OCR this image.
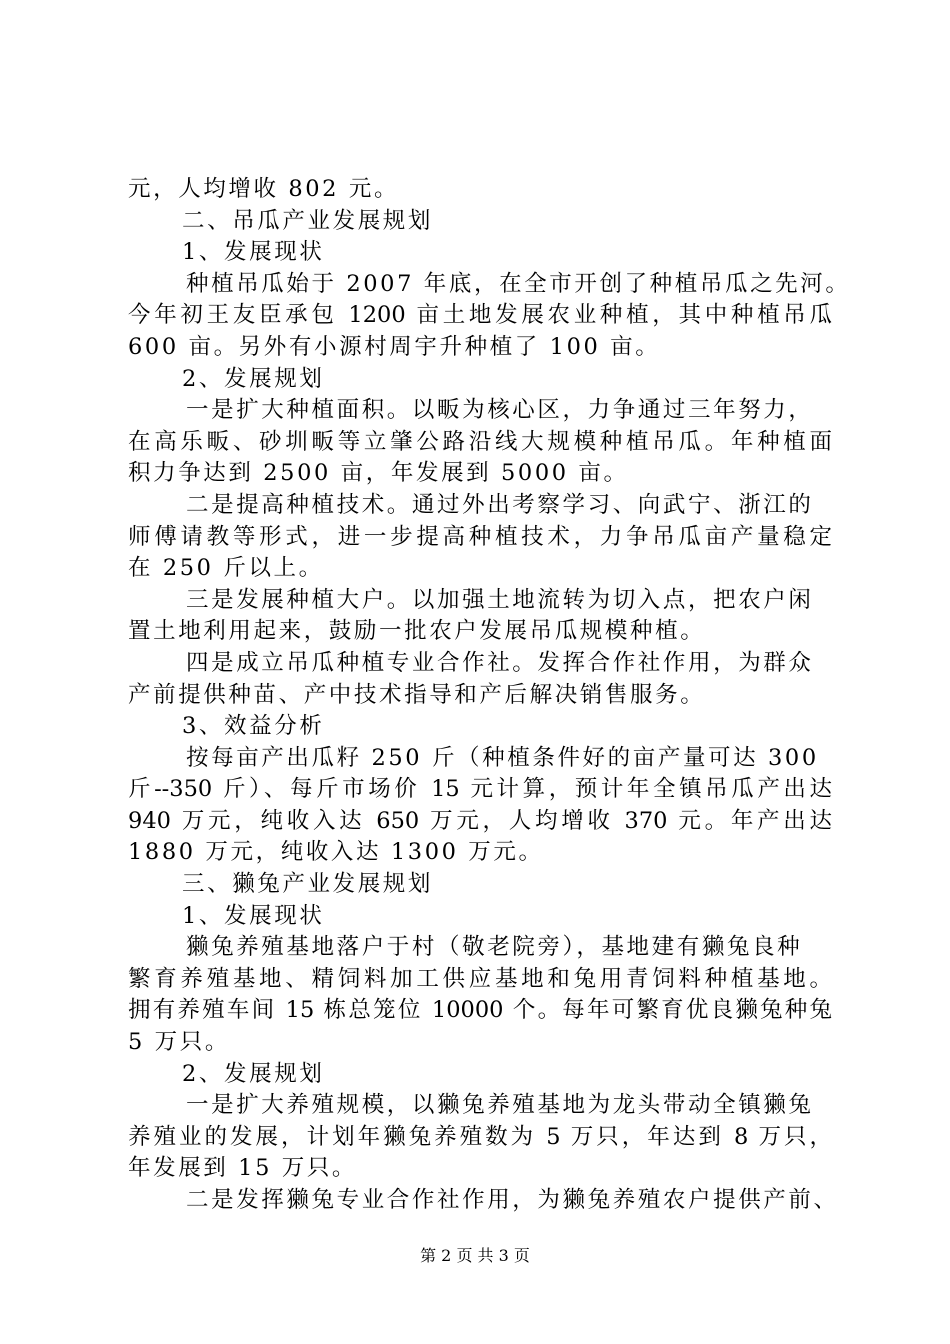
元，人均增收 802 元。
二、吊瓜产业发展规划
1、发展现状
种植吊瓜始于 2007 年底，在全市开创了种植吊瓜之先河。
今年初王友臣承包 1200 亩土地发展农业种植，其中种植吊瓜
600 亩。另外有小源村周宇升种植了 100 亩。
2、发展规划
一是扩大种植面积。以畈为核心区，力争通过三年努力，
在高乐畈、砂圳畈等立肇公路沿线大规模种植吊瓜。年种植面
积力争达到 2500 亩，年发展到 5000 亩。
二是提高种植技术。通过外出考察学习、向武宁、浙江的
师傅请教等形式，进一步提高种植技术，力争吊瓜亩产量稳定
在 250 斤以上。
三是发展种植大户。以加强土地流转为切入点，把农户闲
置土地利用起来，鼓励一批农户发展吊瓜规模种植。
四是成立吊瓜种植专业合作社。发挥合作社作用，为群众
产前提供种苗、产中技术指导和产后解决销售服务。
3、效益分析
按每亩产出瓜籽 250 斤（种植条件好的亩产量可达 300
斤--350 斤）、每斤市场价 15 元计算，预计年全镇吊瓜产出达
940 万元，纯收入达 650 万元，人均增收 370 元。年产出达
1880 万元，纯收入达 1300 万元。
三、獭兔产业发展规划
1、发展现状
獭兔养殖基地落户于村（敬老院旁），基地建有獭兔良种
繁育养殖基地、精饲料加工供应基地和兔用青饲料种植基地。
拥有养殖车间 15 栋总笼位 10000 个。每年可繁育优良獭兔种兔
5 万只。
2、发展规划
一是扩大养殖规模，以獭兔养殖基地为龙头带动全镇獭兔
养殖业的发展，计划年獭兔养殖数为 5 万只，年达到 8 万只，
年发展到 15 万只。
二是发挥獭兔专业合作社作用，为獭兔养殖农户提供产前、
第 2 页 共 3 页
